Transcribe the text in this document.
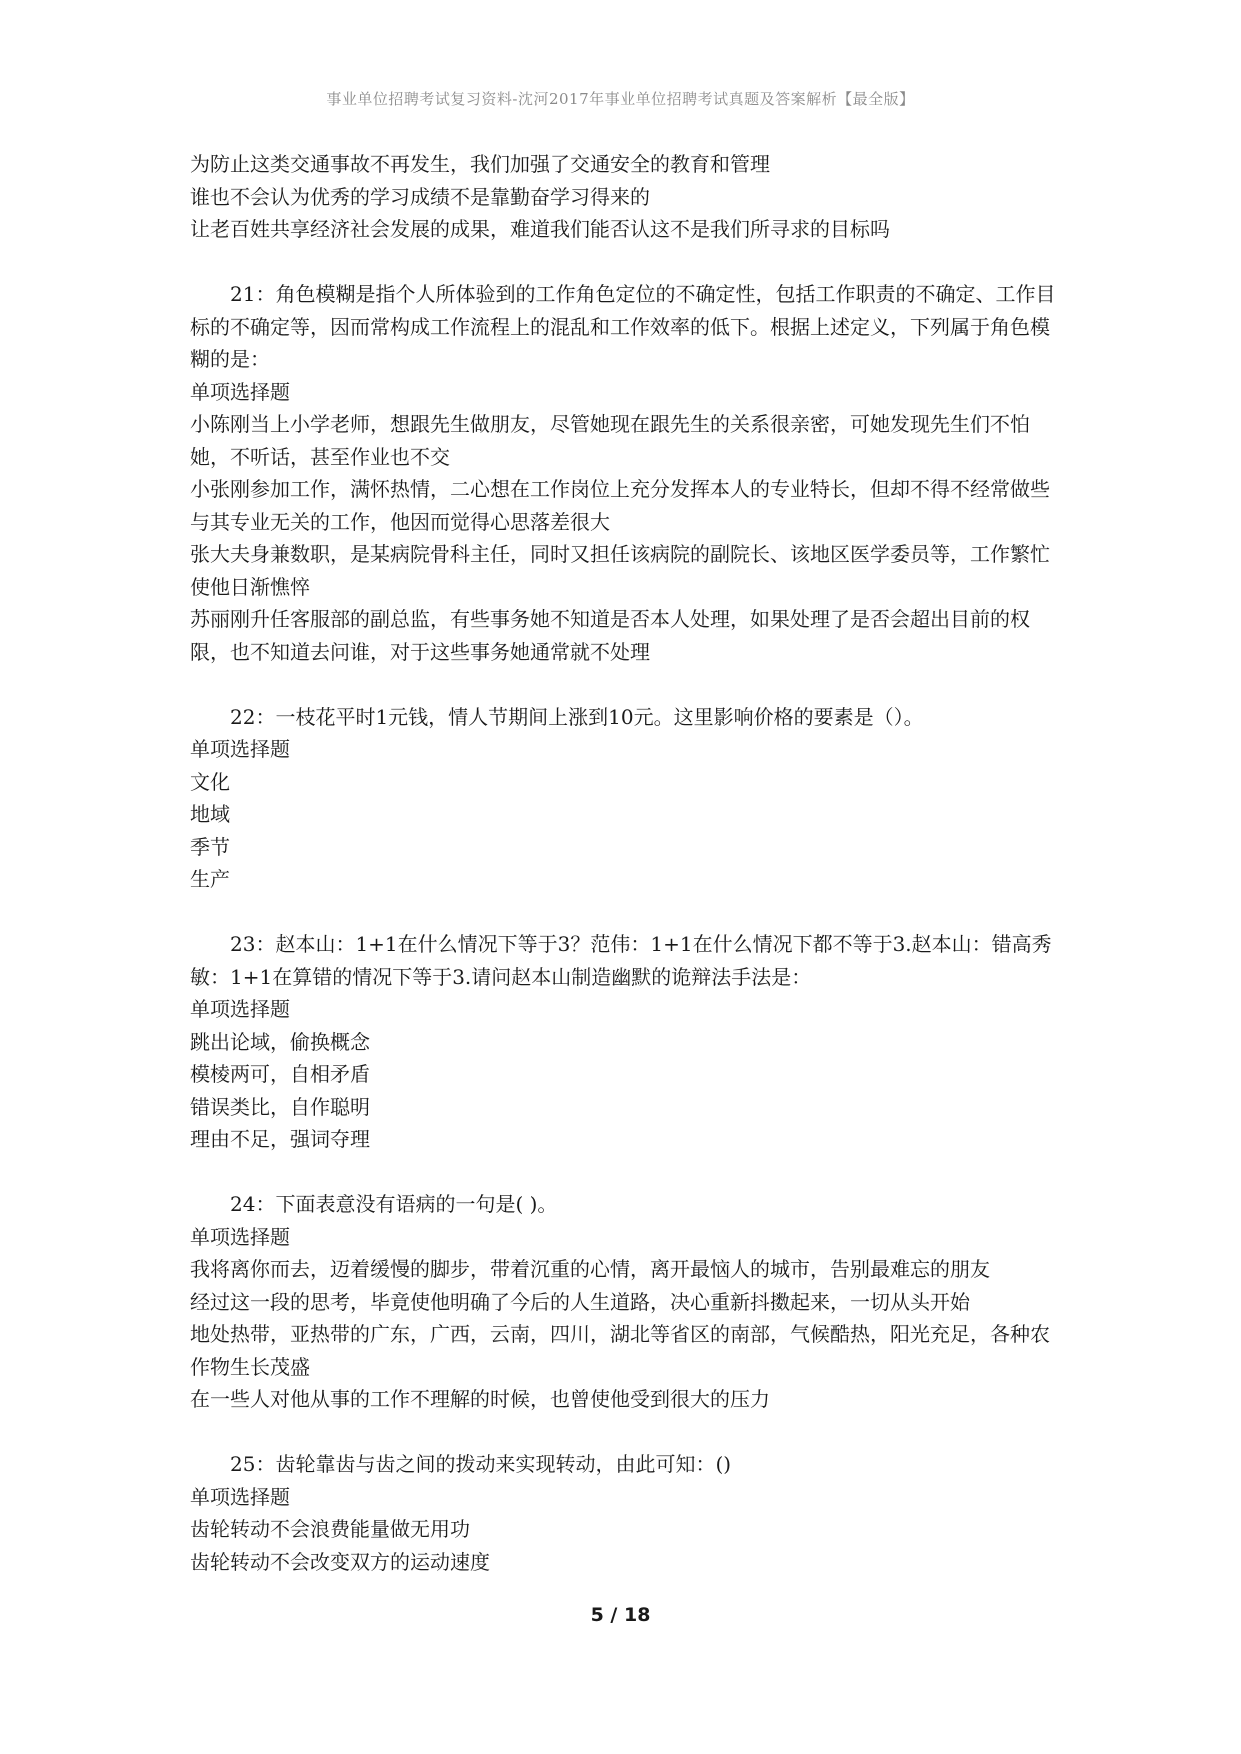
事业单位招聘考试复习资料-沈河2017年事业单位招聘考试真题及答案解析【最全版】
为防止这类交通事故不再发生，我们加强了交通安全的教育和管理
谁也不会认为优秀的学习成绩不是靠勤奋学习得来的
让老百姓共享经济社会发展的成果，难道我们能否认这不是我们所寻求的目标吗
21：角色模糊是指个人所体验到的工作角色定位的不确定性，包括工作职责的不确定、工作目标的不确定等，因而常构成工作流程上的混乱和工作效率的低下。根据上述定义，下列属于角色模糊的是：
单项选择题
小陈刚当上小学老师，想跟先生做朋友，尽管她现在跟先生的关系很亲密，可她发现先生们不怕她，不听话，甚至作业也不交
小张刚参加工作，满怀热情，二心想在工作岗位上充分发挥本人的专业特长，但却不得不经常做些与其专业无关的工作，他因而觉得心思落差很大
张大夫身兼数职，是某病院骨科主任，同时又担任该病院的副院长、该地区医学委员等，工作繁忙使他日渐憔悴
苏丽刚升任客服部的副总监，有些事务她不知道是否本人处理，如果处理了是否会超出目前的权限，也不知道去问谁，对于这些事务她通常就不处理
22：一枝花平时1元钱，情人节期间上涨到10元。这里影响价格的要素是（）。
单项选择题
文化
地域
季节
生产
23：赵本山：1+1在什么情况下等于3？范伟：1+1在什么情况下都不等于3.赵本山：错高秀敏：1+1在算错的情况下等于3.请问赵本山制造幽默的诡辩法手法是：
单项选择题
跳出论域，偷换概念
模棱两可，自相矛盾
错误类比，自作聪明
理由不足，强词夺理
24：下面表意没有语病的一句是( )。
单项选择题
我将离你而去，迈着缓慢的脚步，带着沉重的心情，离开最恼人的城市，告别最难忘的朋友
经过这一段的思考，毕竟使他明确了今后的人生道路，决心重新抖擞起来，一切从头开始
地处热带，亚热带的广东，广西，云南，四川，湖北等省区的南部，气候酷热，阳光充足，各种农作物生长茂盛
在一些人对他从事的工作不理解的时候，也曾使他受到很大的压力
25：齿轮靠齿与齿之间的拨动来实现转动，由此可知：()
单项选择题
齿轮转动不会浪费能量做无用功
齿轮转动不会改变双方的运动速度
5 / 18
